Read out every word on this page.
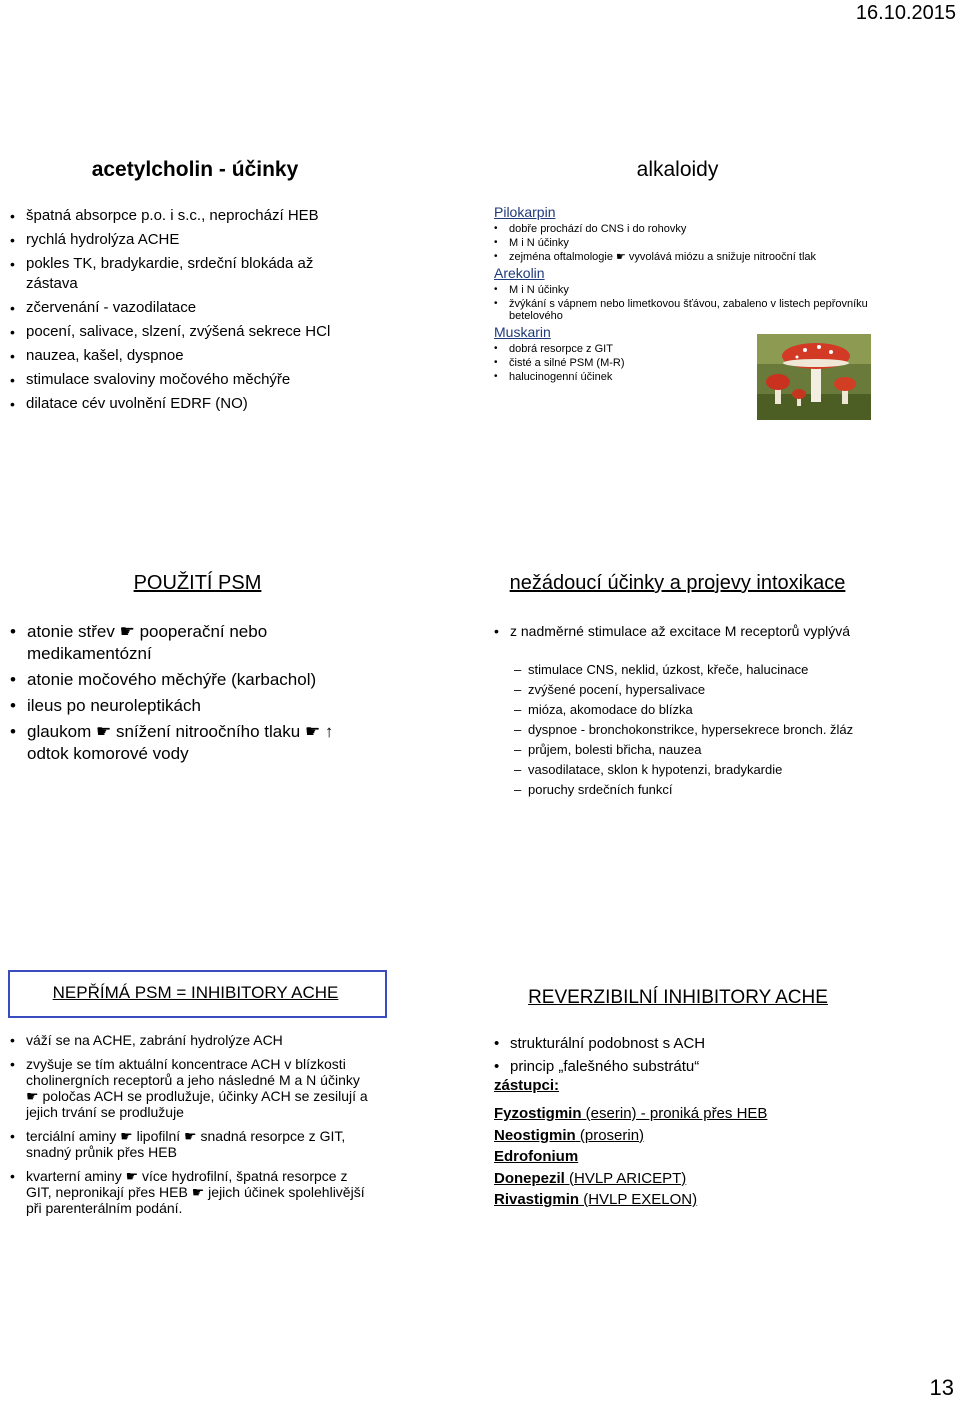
16.10.2015
acetylcholin - účinky
• špatná absorpce p.o. i s.c., neprochází HEB
• rychlá hydrolýza ACHE
• pokles TK, bradykardie, srdeční blokáda až zástava
• zčervenání - vazodilatace
• pocení, salivace, slzení, zvýšená sekrece HCl
• nauzea, kašel, dyspnoe
• stimulace svaloviny močového měchýře
• dilatace cév uvolnění EDRF (NO)
alkaloidy
Pilokarpin
• dobře prochází do CNS i do rohovky
• M i N účinky
• zejména oftalmologie ☛ vyvolává miózu a snižuje nitrooční tlak
Arekolin
• M i N účinky
• žvýkání s vápnem nebo limetkovou šťávou, zabaleno v listech pepřovníku betelového
Muskarin
• dobrá resorpce z GIT
• čisté a silné PSM (M-R)
• halucinogenní účinek
POUŽITÍ PSM
• atonie střev ☛ pooperační nebo medikamentózní
• atonie močového měchýře (karbachol)
• ileus po neuroleptikách
• glaukom ☛ snížení nitroočního tlaku ☛ ↑ odtok komorové vody
nežádoucí účinky a projevy intoxikace
• z nadměrné stimulace až excitace M receptorů vyplývá
– stimulace CNS, neklid, úzkost, křeče, halucinace
– zvýšené pocení, hypersalivace
– mióza, akomodace do blízka
– dyspnoe - bronchokonstrikce, hypersekrece bronch. žláz
– průjem, bolesti břicha, nauzea
– vasodilatace, sklon k hypotenzi, bradykardie
– poruchy srdečních funkcí
NEPŘÍMÁ PSM = INHIBITORY ACHE
• váží se na ACHE, zabrání hydrolýze ACH
• zvyšuje se tím aktuální koncentrace ACH v blízkosti cholinergních receptorů a jeho následné M a N účinky ☛ poločas ACH se prodlužuje, účinky ACH se zesilují a jejich trvání se prodlužuje
• terciální aminy ☛ lipofilní ☛ snadná resorpce z GIT, snadný průnik přes HEB
• kvarterní aminy ☛ více hydrofilní, špatná resorpce z GIT, nepronikají přes HEB ☛ jejich účinek spolehlivější při parenterálním podání.
REVERZIBILNÍ INHIBITORY ACHE
• strukturální podobnost s ACH
• princip „falešného substrátu“
zástupci:
Fyzostigmin (eserin) - proniká přes HEB
Neostigmin (proserin)
Edrofonium
Donepezil (HVLP ARICEPT)
Rivastigmin (HVLP EXELON)
13
